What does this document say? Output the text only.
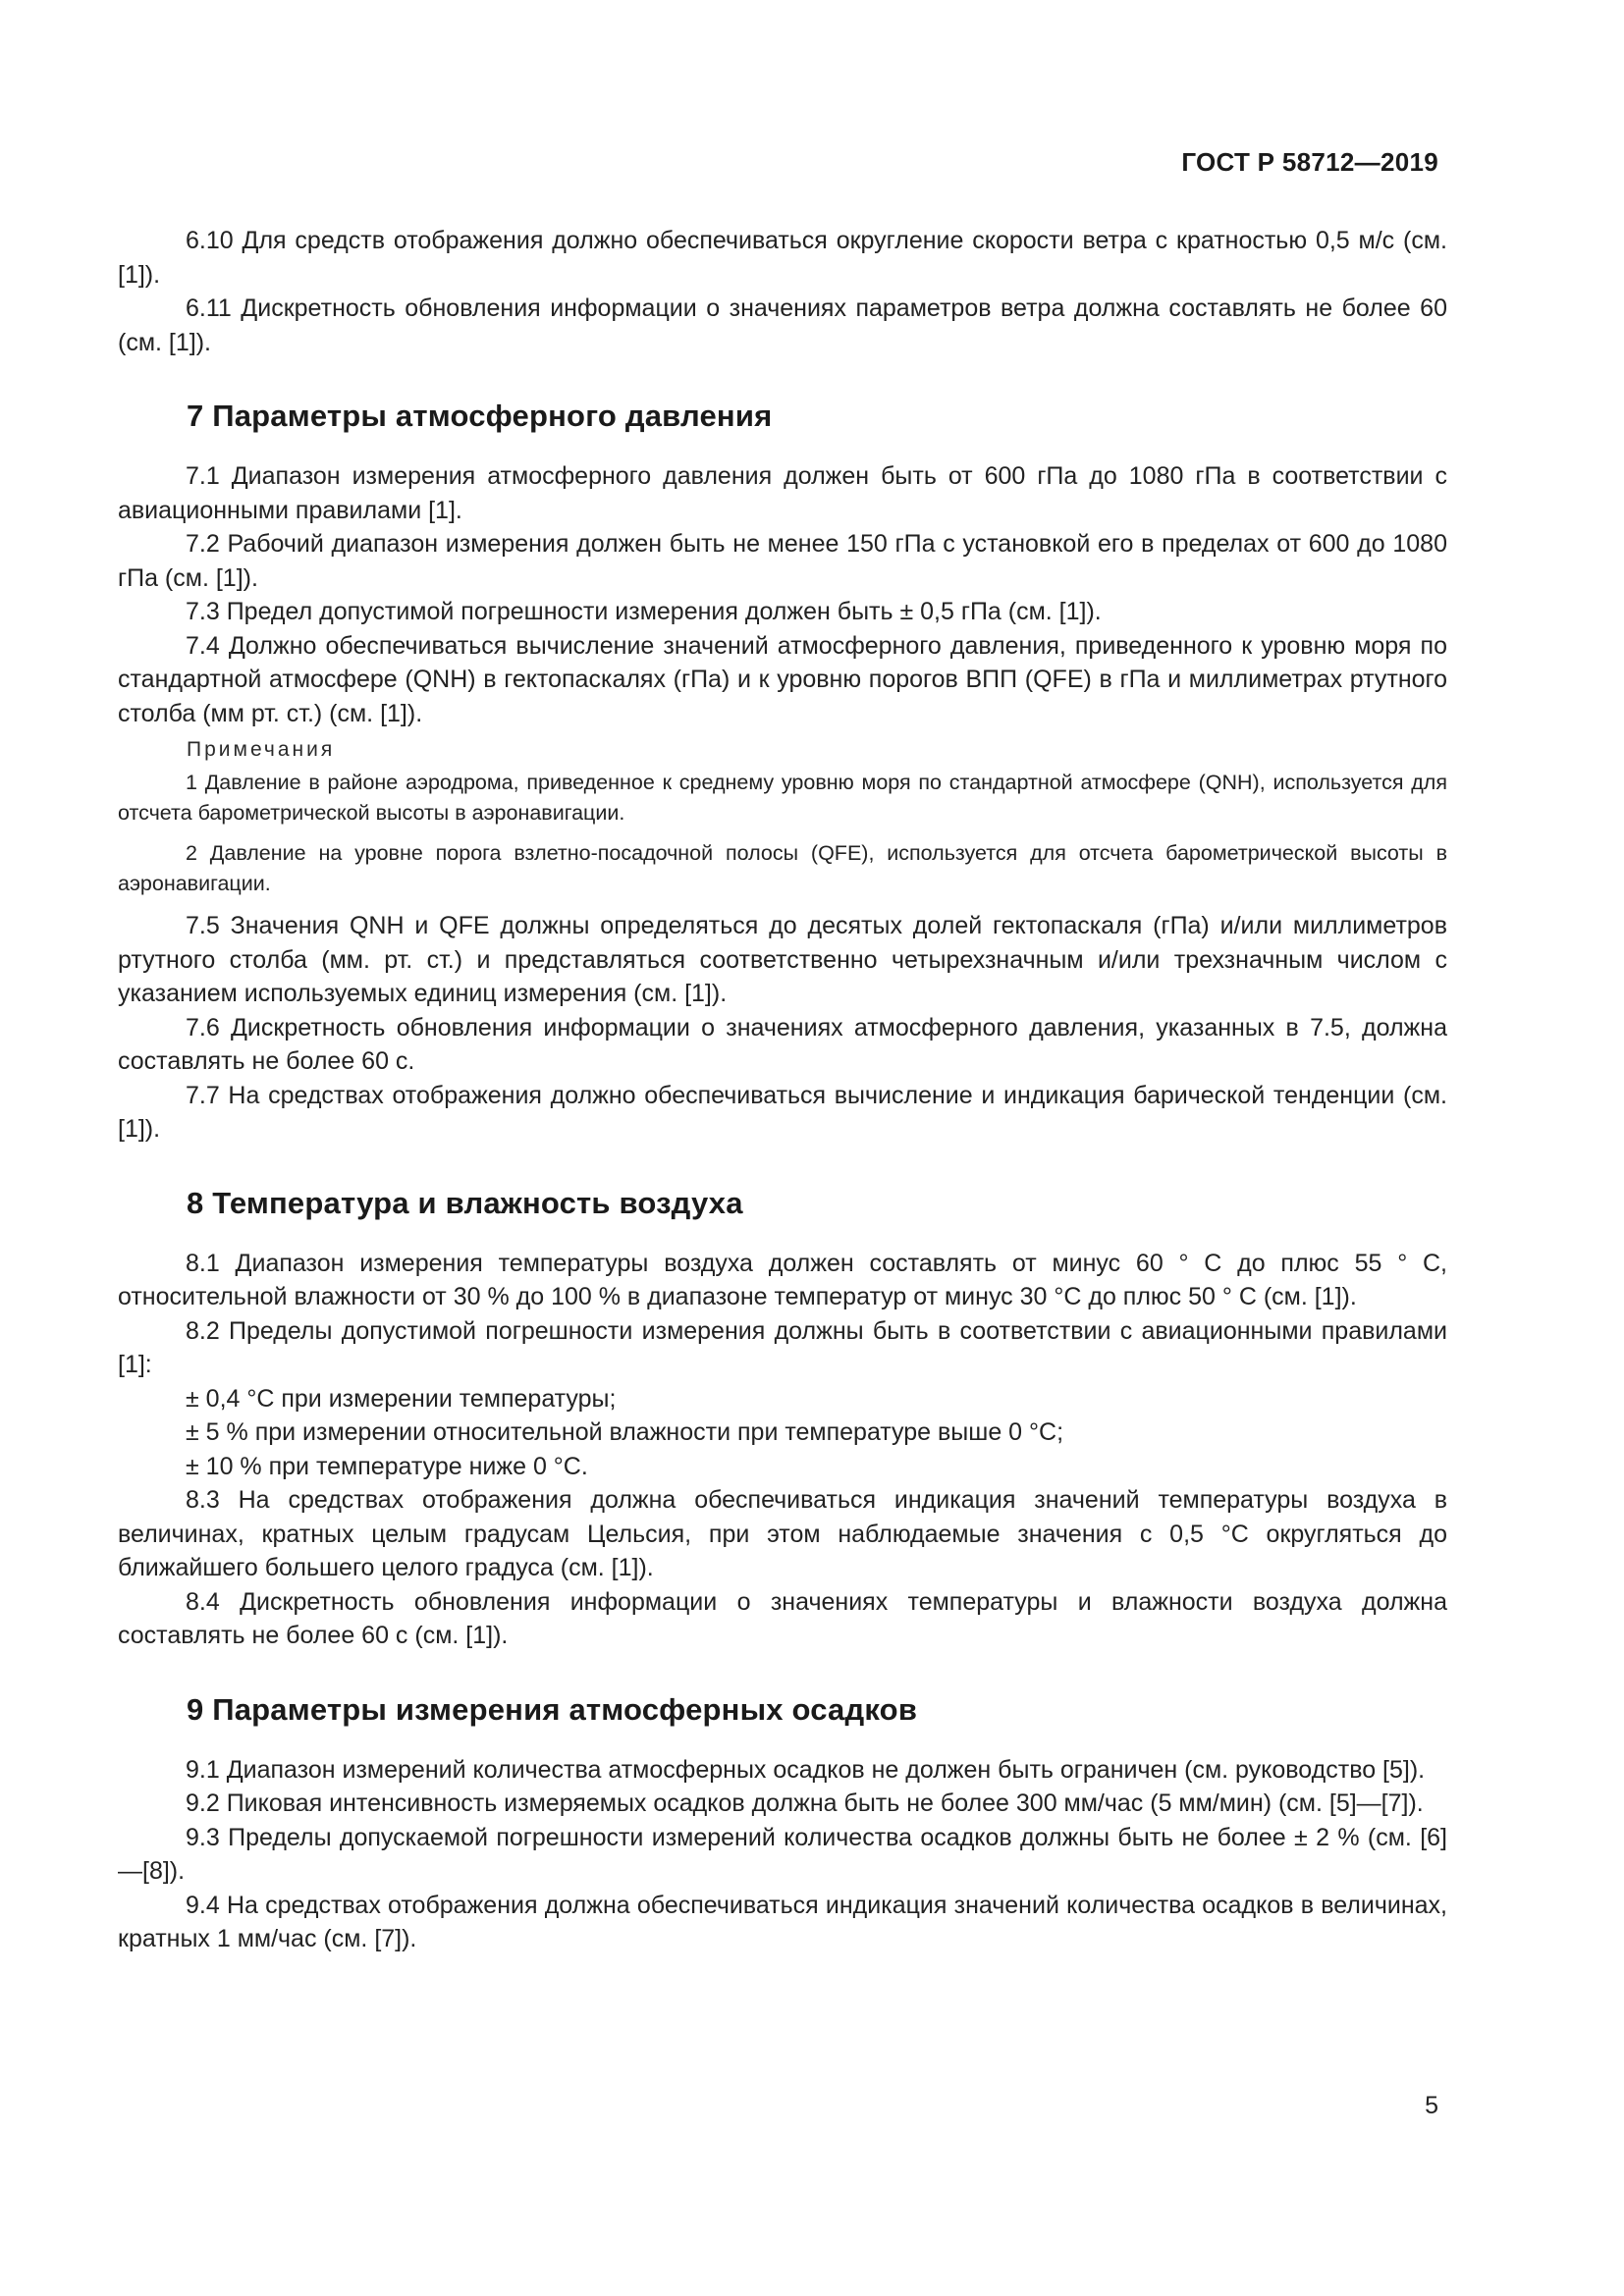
ГОСТ Р 58712—2019

6.10 Для средств отображения должно обеспечиваться округление скорости ветра с кратностью 0,5 м/с (см. [1]).

6.11 Дискретность обновления информации о значениях параметров ветра должна составлять не более 60 (см. [1]).

7 Параметры атмосферного давления

7.1 Диапазон измерения атмосферного давления должен быть от 600 гПа до 1080 гПа в соответствии с авиационными правилами [1].

7.2 Рабочий диапазон измерения должен быть не менее 150 гПа с установкой его в пределах от 600 до 1080 гПа (см. [1]).

7.3 Предел допустимой погрешности измерения должен быть ± 0,5 гПа (см. [1]).

7.4 Должно обеспечиваться вычисление значений атмосферного давления, приведенного к уровню моря по стандартной атмосфере (QNH) в гектопаскалях (гПа) и к уровню порогов ВПП (QFE) в гПа и миллиметрах ртутного столба (мм рт. ст.) (см. [1]).

Примечания

1 Давление в районе аэродрома, приведенное к среднему уровню моря по стандартной атмосфере (QNH), используется для отсчета барометрической высоты в аэронавигации.

2 Давление на уровне порога взлетно-посадочной полосы (QFE), используется для отсчета барометрической высоты в аэронавигации.

7.5 Значения QNH и QFE должны определяться до десятых долей гектопаскаля (гПа) и/или миллиметров ртутного столба (мм. рт. ст.) и представляться соответственно четырехзначным и/или трехзначным числом с указанием используемых единиц измерения (см. [1]).

7.6 Дискретность обновления информации о значениях атмосферного давления, указанных в 7.5, должна составлять не более 60 с.

7.7 На средствах отображения должно обеспечиваться вычисление и индикация барической тенденции (см. [1]).

8 Температура и влажность воздуха

8.1 Диапазон измерения температуры воздуха должен составлять от минус 60 ° С до плюс 55 ° С, относительной влажности от 30 % до 100 % в диапазоне температур от минус 30 °С до плюс 50 ° С (см. [1]).

8.2 Пределы допустимой погрешности измерения должны быть в соответствии с авиационными правилами [1]:

± 0,4 °С при измерении температуры;

± 5 % при измерении относительной влажности при температуре выше 0 °С;

± 10 % при температуре ниже 0 °С.

8.3 На средствах отображения должна обеспечиваться индикация значений температуры воздуха в величинах, кратных целым градусам Цельсия, при этом наблюдаемые значения с 0,5 °С округляться до ближайшего большего целого градуса (см. [1]).

8.4 Дискретность обновления информации о значениях температуры и влажности воздуха должна составлять не более 60 с (см. [1]).

9 Параметры измерения атмосферных осадков

9.1 Диапазон измерений количества атмосферных осадков не должен быть ограничен (см. руководство [5]).

9.2 Пиковая интенсивность измеряемых осадков должна быть не более 300 мм/час (5 мм/мин) (см. [5]—[7]).

9.3 Пределы допускаемой погрешности измерений количества осадков должны быть не более ± 2 % (см. [6]—[8]).

9.4 На средствах отображения должна обеспечиваться индикация значений количества осадков в величинах, кратных 1 мм/час (см. [7]).

5
